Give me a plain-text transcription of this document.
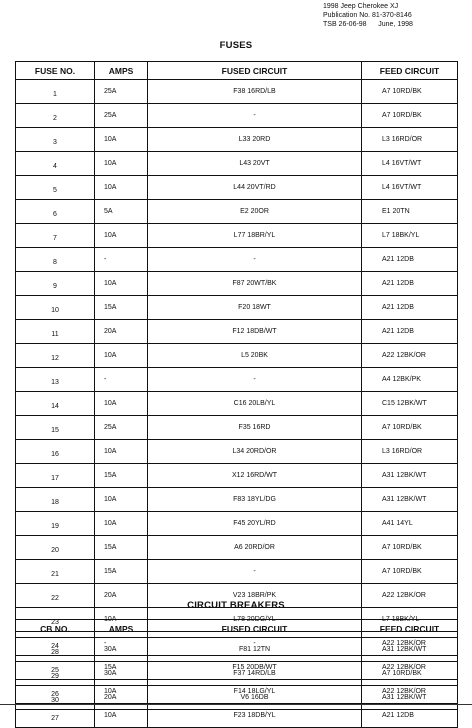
1998 Jeep Cherokee XJ
Publication No. 81-370-8146
TSB 26-06-98      June, 1998
FUSES
FUSE NO.	AMPS	FUSED CIRCUIT	FEED CIRCUIT
1	25A	F38 16RD/LB	A7 10RD/BK
2	25A	-	A7 10RD/BK
3	10A	L33 20RD	L3 16RD/OR
4	10A	L43 20VT	L4 16VT/WT
5	10A	L44 20VT/RD	L4 16VT/WT
6	5A	E2 20OR	E1 20TN
7	10A	L77 18BR/YL	L7 18BK/YL
8	-	-	A21 12DB
9	10A	F87 20WT/BK	A21 12DB
10	15A	F20 18WT	A21 12DB
11	20A	F12 18DB/WT	A21 12DB
12	10A	L5 20BK	A22 12BK/OR
13	-	-	A4 12BK/PK
14	10A	C16 20LB/YL	C15 12BK/WT
15	25A	F35 16RD	A7 10RD/BK
16	10A	L34 20RD/OR	L3 16RD/OR
17	15A	X12 16RD/WT	A31 12BK/WT
18	10A	F83 18YL/DG	A31 12BK/WT
19	10A	F45 20YL/RD	A41 14YL
20	15A	A6 20RD/OR	A7 10RD/BK
21	15A	-	A7 10RD/BK
22	20A	V23 18BR/PK	A22 12BK/OR
23	10A	L78 20DG/YL	L7 18BK/YL
24	-	-	A22 12BK/OR
25	15A	F15 20DB/WT	A22 12BK/OR
26	10A	F14 18LG/YL	A22 12BK/OR
27	10A	F23 18DB/YL	A21 12DB
CIRCUIT BREAKERS
CB NO.	AMPS	FUSED CIRCUIT	FEED CIRCUIT
28	30A	F81 12TN	A31 12BK/WT
29	30A	F37 14RD/LB	A7 10RD/BK
30	20A	V6 16DB	A31 12BK/WT
